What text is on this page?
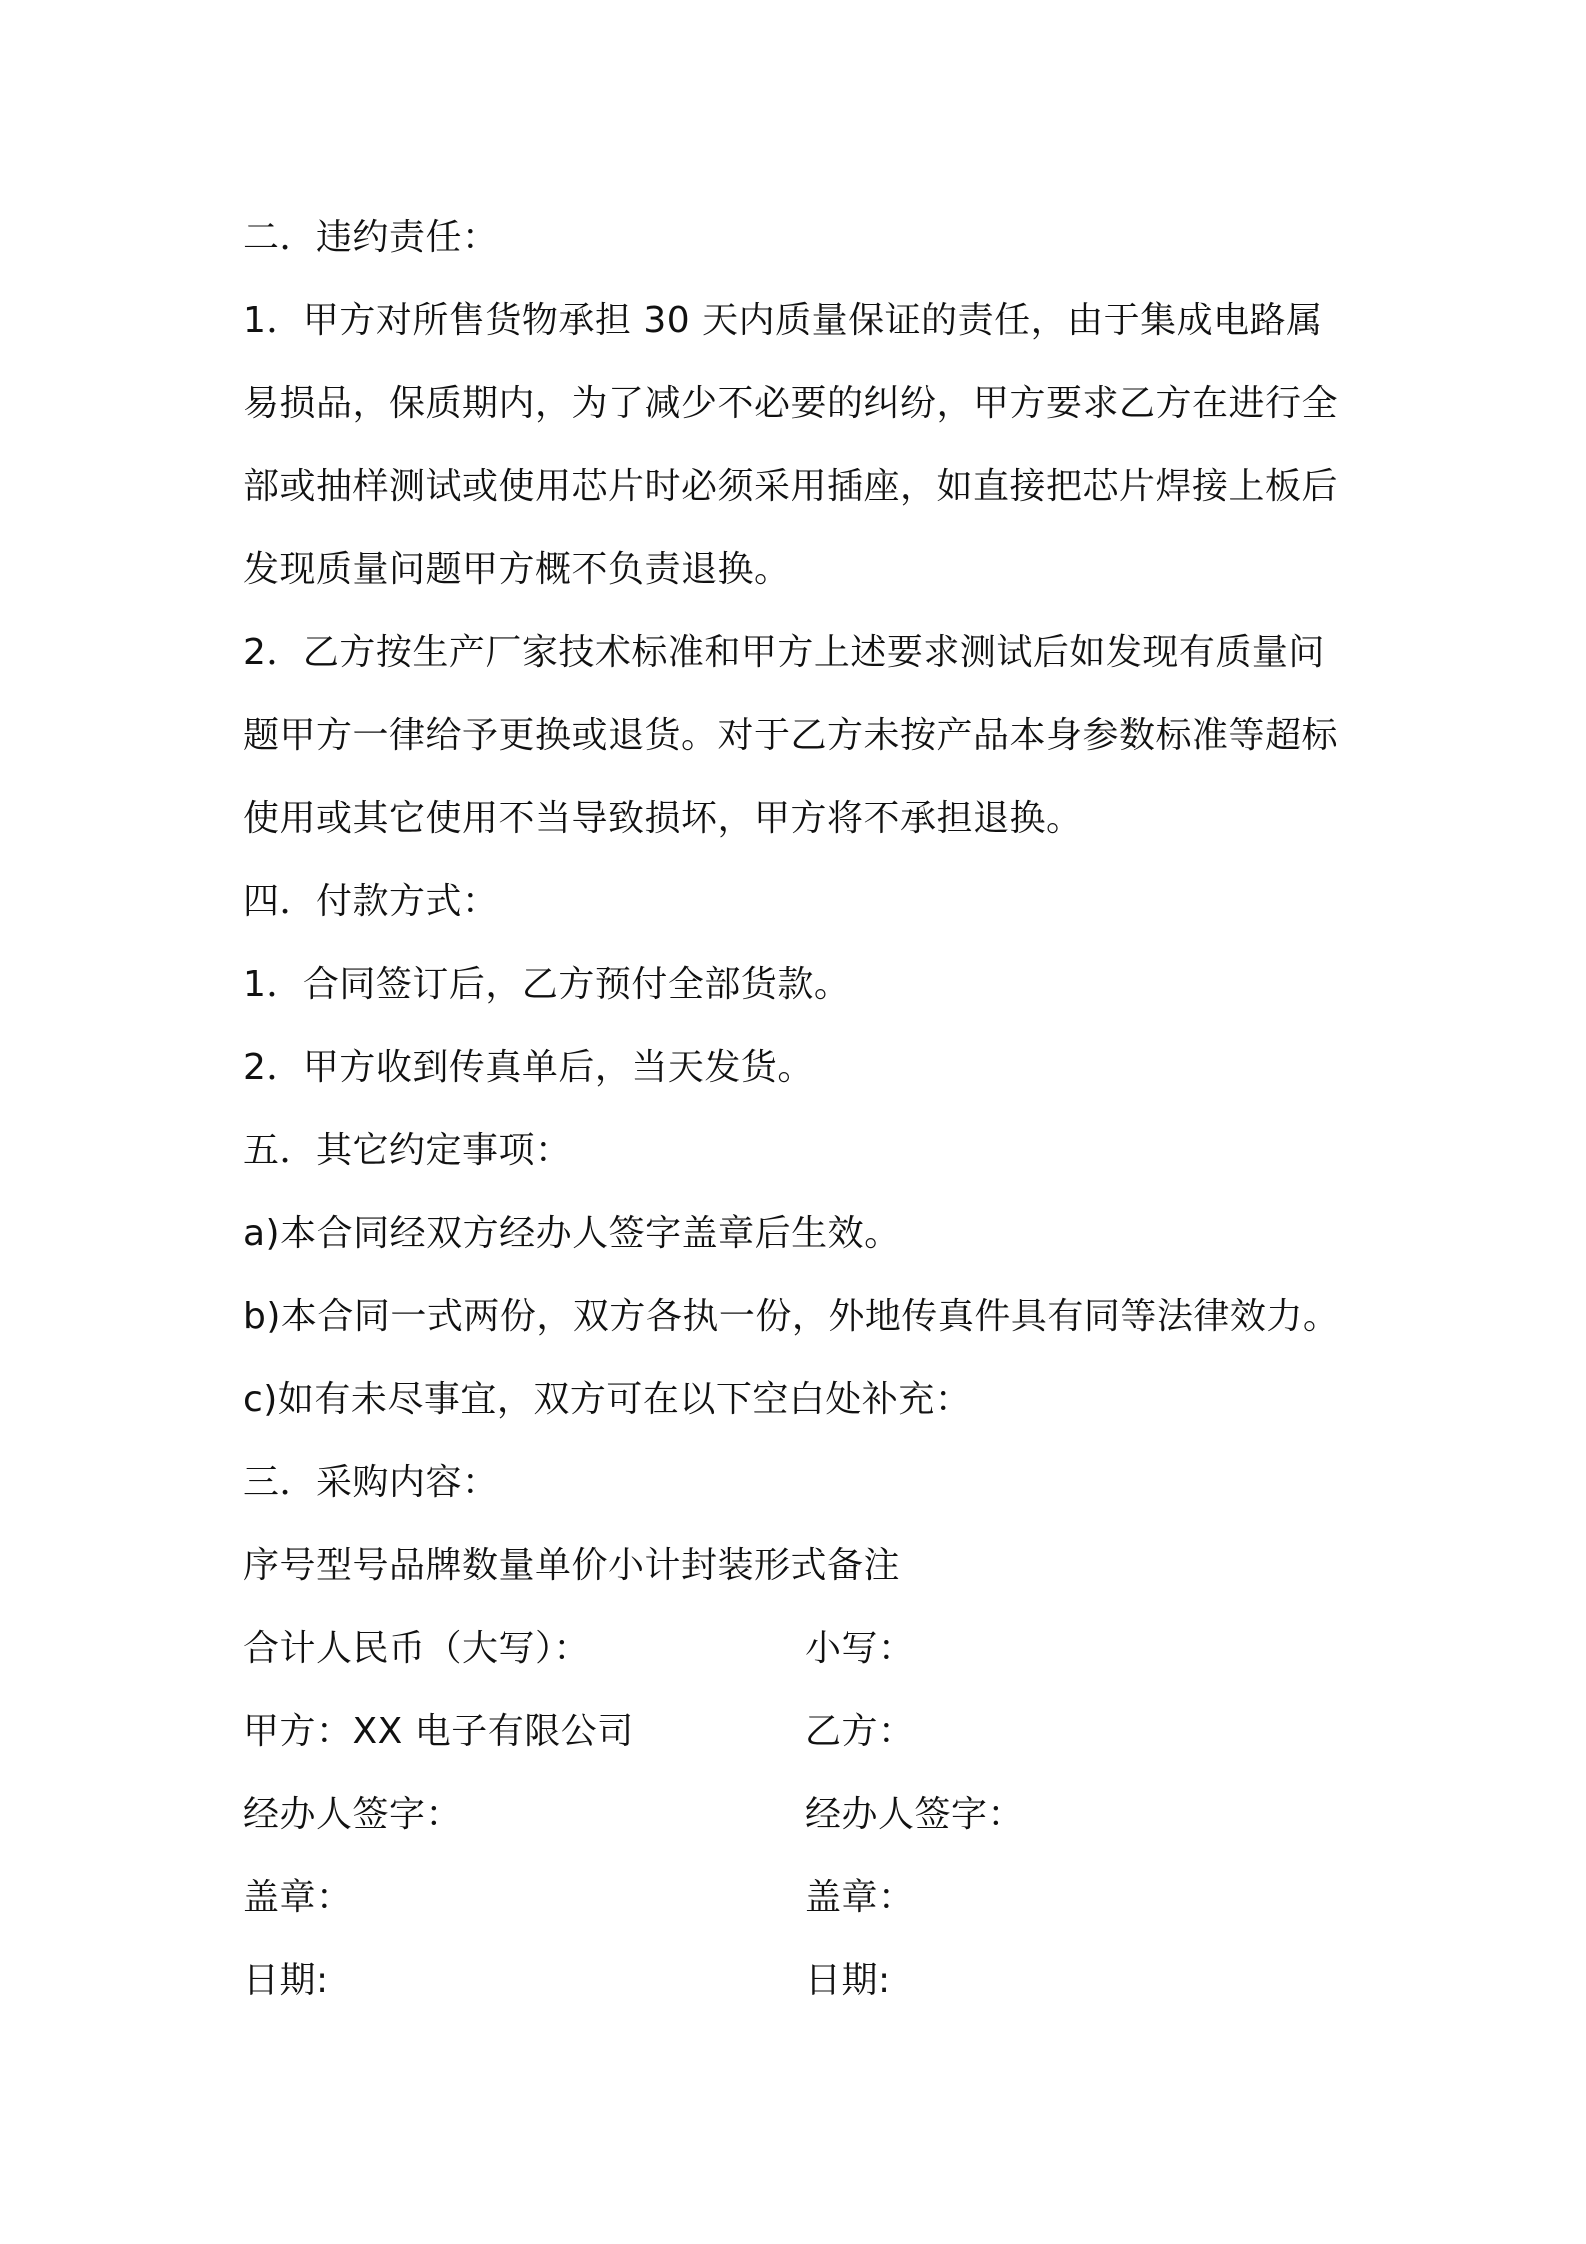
二．违约责任：
1．甲方对所售货物承担 30 天内质量保证的责任，由于集成电路属
易损品，保质期内，为了减少不必要的纠纷，甲方要求乙方在进行全
部或抽样测试或使用芯片时必须采用插座，如直接把芯片焊接上板后
发现质量问题甲方概不负责退换。
2．乙方按生产厂家技术标准和甲方上述要求测试后如发现有质量问
题甲方一律给予更换或退货。对于乙方未按产品本身参数标准等超标
使用或其它使用不当导致损坏，甲方将不承担退换。
四．付款方式：
1．合同签订后，乙方预付全部货款。
2．甲方收到传真单后，当天发货。
五．其它约定事项：
a)本合同经双方经办人签字盖章后生效。
b)本合同一式两份，双方各执一份，外地传真件具有同等法律效力。
c)如有未尽事宜，双方可在以下空白处补充：
三．采购内容：
序号型号品牌数量单价小计封装形式备注
合计人民币（大写）：	小写：
甲方：XX 电子有限公司	乙方：
经办人签字：	经办人签字：
盖章：	盖章：
日期:	日期:
